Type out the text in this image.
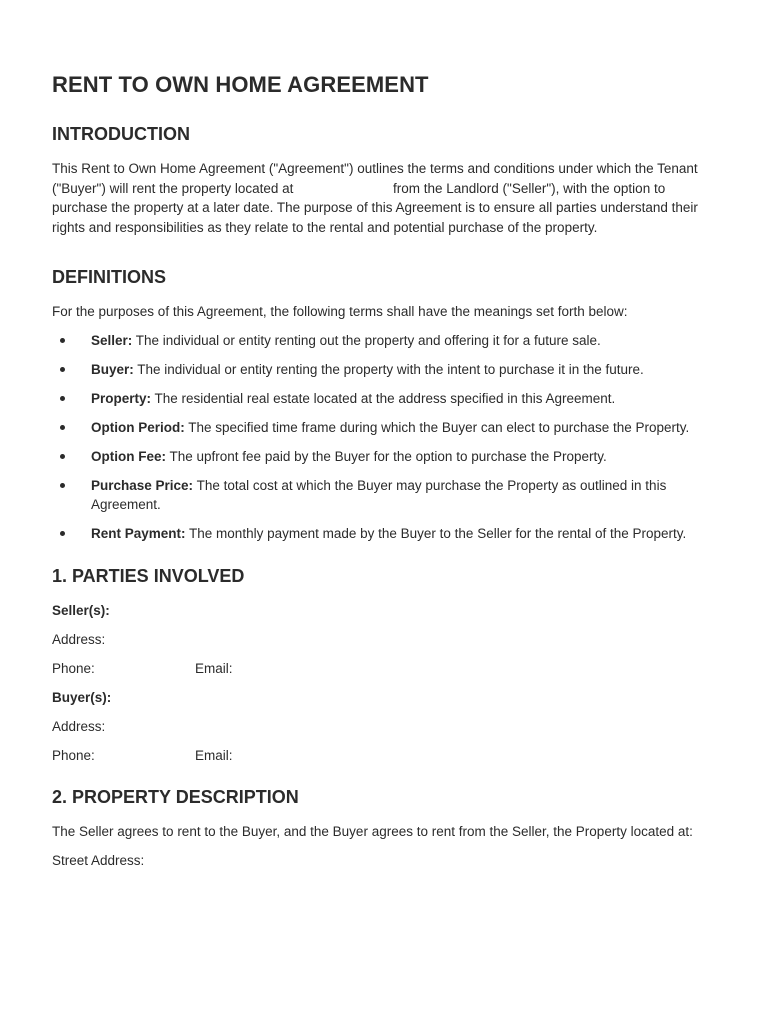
RENT TO OWN HOME AGREEMENT
INTRODUCTION

This Rent to Own Home Agreement ("Agreement") outlines the terms and conditions under which the Tenant ("Buyer") will rent the property located at	from the Landlord ("Seller"), with the option to purchase the property at a later date. The purpose of this Agreement is to ensure all parties understand their rights and responsibilities as they relate to the rental and potential purchase of the property.

DEFINITIONS

For the purposes of this Agreement, the following terms shall have the meanings set forth below:

Seller: The individual or entity renting out the property and offering it for a future sale.
Buyer: The individual or entity renting the property with the intent to purchase it in the future.
Property: The residential real estate located at the address specified in this Agreement.
Option Period: The specified time frame during which the Buyer can elect to purchase the Property.
Option Fee: The upfront fee paid by the Buyer for the option to purchase the Property.
Purchase Price: The total cost at which the Buyer may purchase the Property as outlined in this Agreement.
Rent Payment: The monthly payment made by the Buyer to the Seller for the rental of the Property.
1. PARTIES INVOLVED
Seller(s):
Address:
Phone:	Email:
Buyer(s):
Address:
Phone:	Email:
2. PROPERTY DESCRIPTION

The Seller agrees to rent to the Buyer, and the Buyer agrees to rent from the Seller, the Property located at:

Street Address:
